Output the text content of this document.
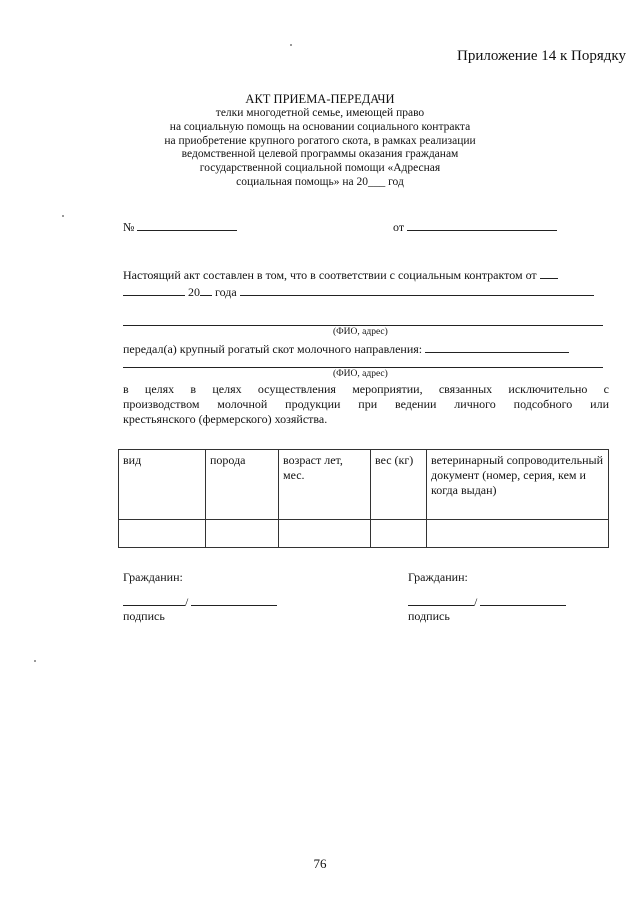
Приложение 14 к Порядку
АКТ ПРИЕМА-ПЕРЕДАЧИ
телки многодетной семье, имеющей право
на социальную помощь на основании социального контракта
на приобретение крупного рогатого скота, в рамках реализации
ведомственной целевой программы оказания гражданам
государственной социальной помощи «Адресная
социальная помощь» на 20___ год
№	от
Настоящий акт составлен в том, что в соответствии с социальным контрактом от
20 года
(ФИО, адрес)
передал(а) крупный рогатый скот молочного направления:
(ФИО, адрес)
в целях в целях осуществления мероприятии, связанных исключительно с
производством молочной продукции при ведении личного подсобного или
крестьянского (фермерского) хозяйства.
вид	порода	возраст лет, мес.	вес (кг)	ветеринарный сопроводительный документ (номер, серия, кем и когда выдан)

Гражданин:	Гражданин:
/	/
подпись	подпись
76
